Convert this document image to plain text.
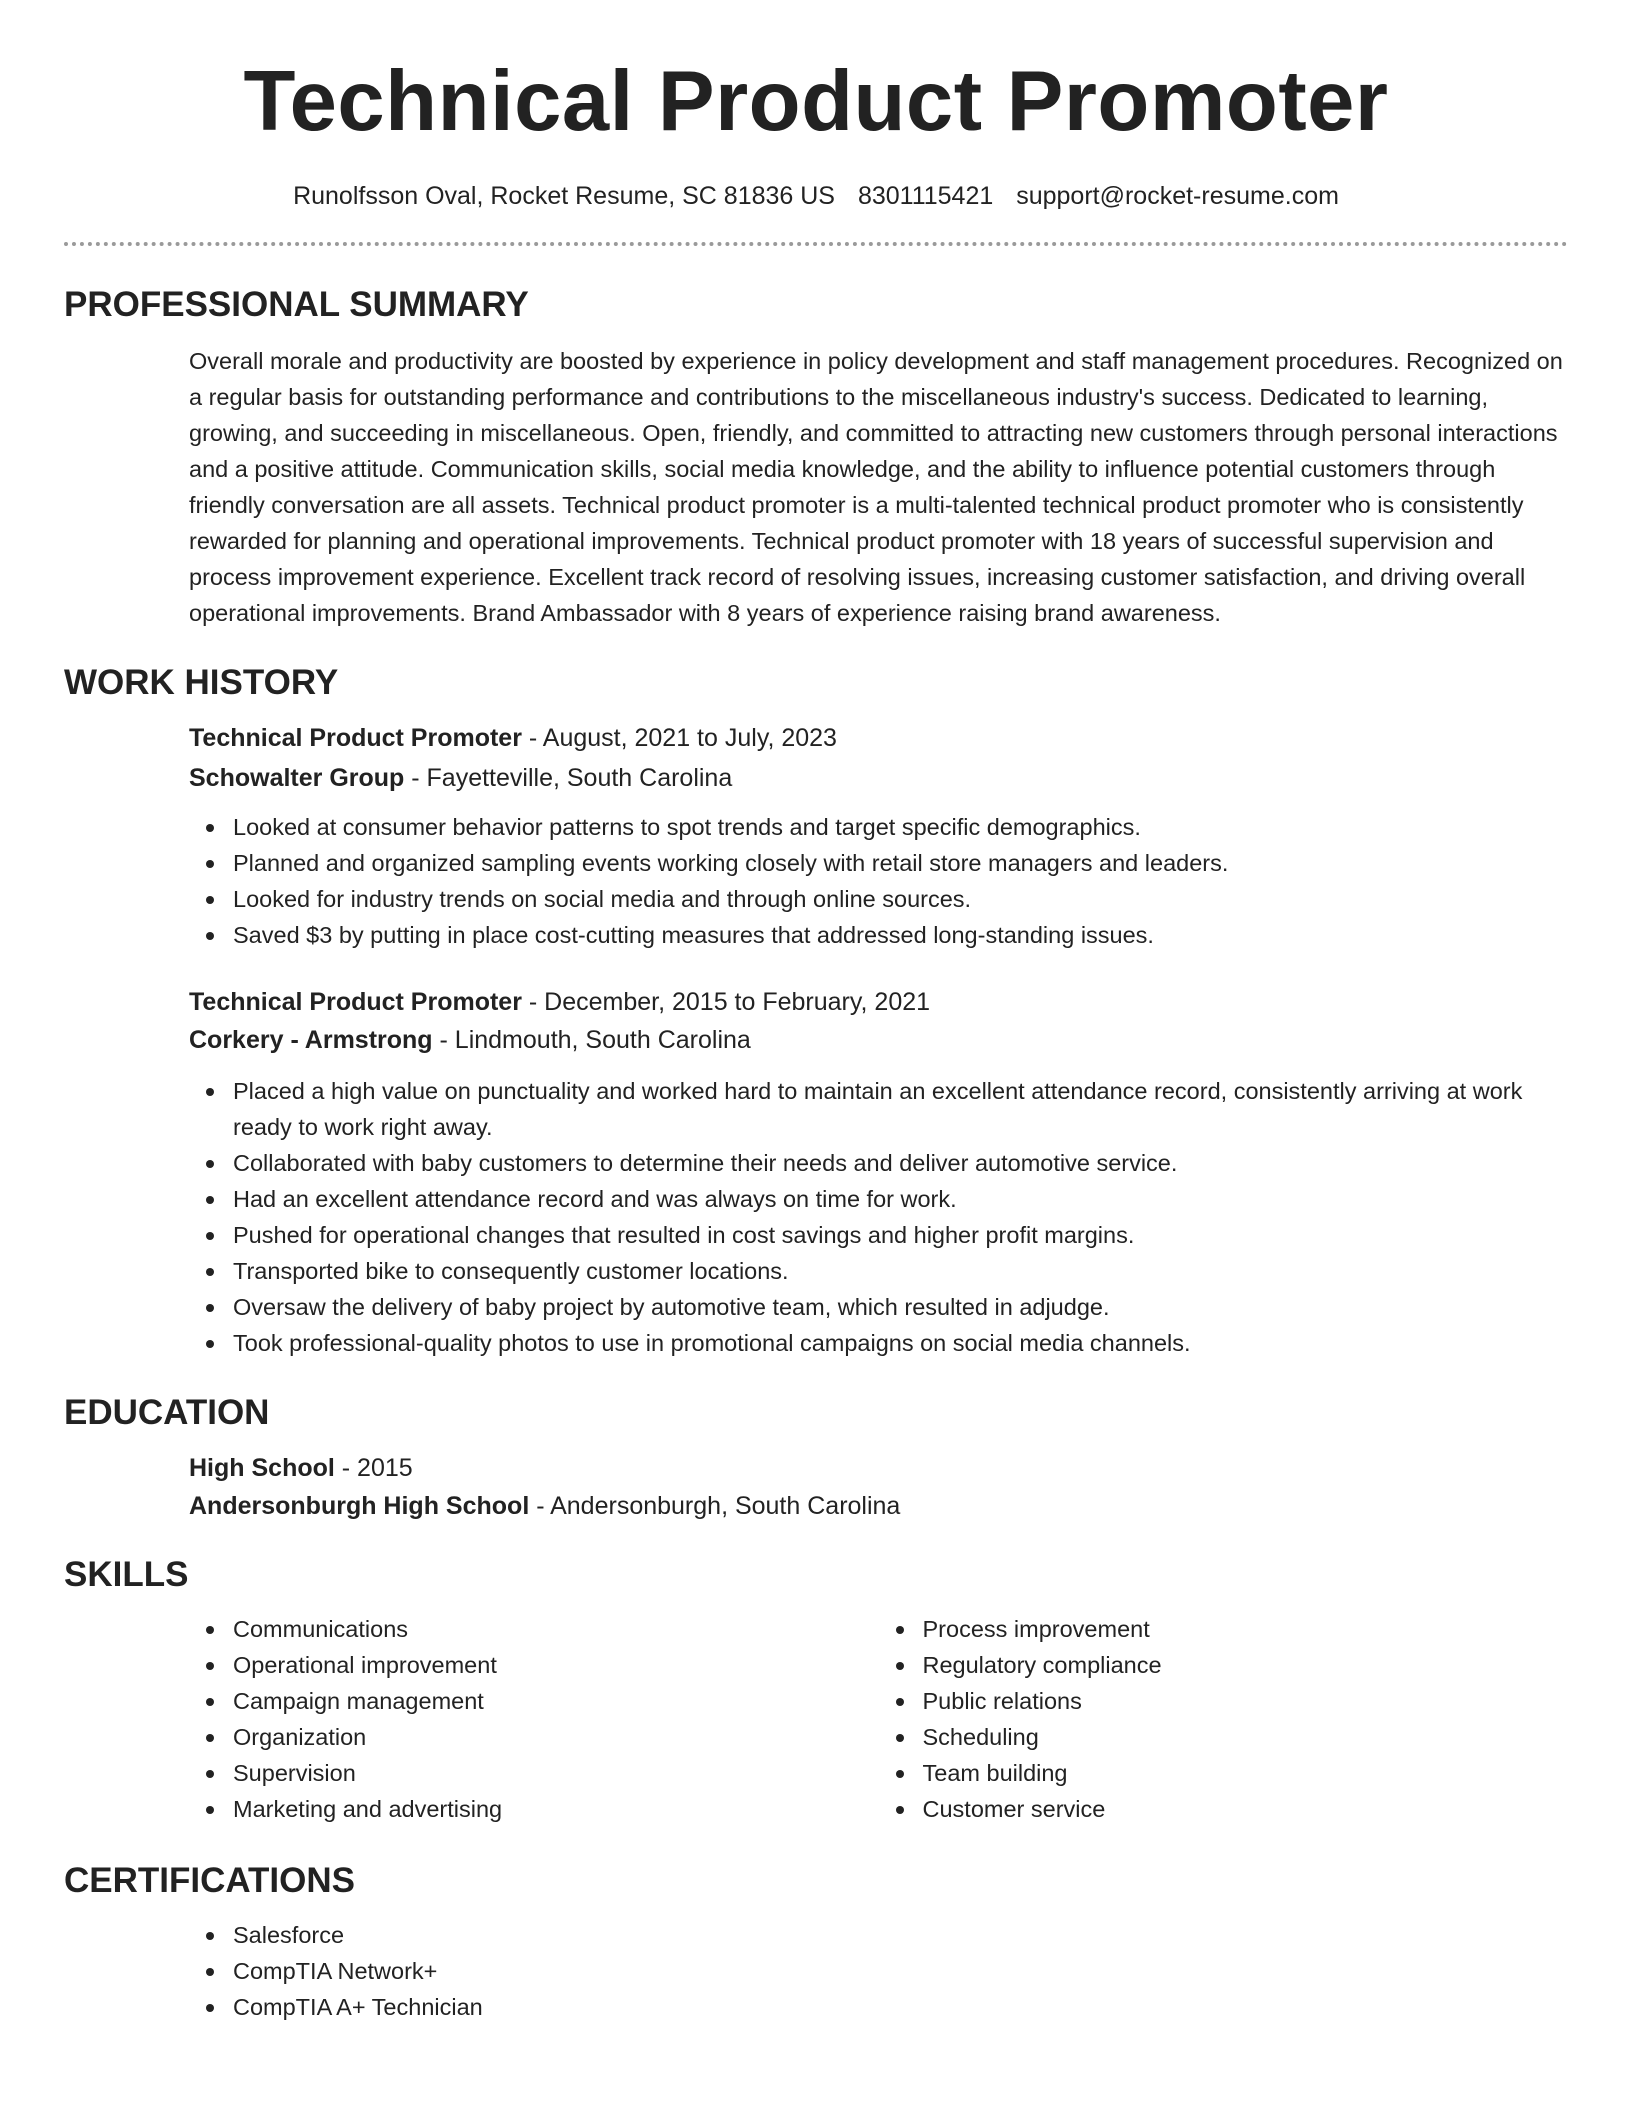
Technical Product Promoter
Runolfsson Oval, Rocket Resume, SC 81836 US 8301115421 support@rocket-resume.com
PROFESSIONAL SUMMARY

Overall morale and productivity are boosted by experience in policy development and staff management procedures. Recognized on a regular basis for outstanding performance and contributions to the miscellaneous industry's success. Dedicated to learning, growing, and succeeding in miscellaneous. Open, friendly, and committed to attracting new customers through personal interactions and a positive attitude. Communication skills, social media knowledge, and the ability to influence potential customers through friendly conversation are all assets. Technical product promoter is a multi-talented technical product promoter who is consistently rewarded for planning and operational improvements. Technical product promoter with 18 years of successful supervision and process improvement experience. Excellent track record of resolving issues, increasing customer satisfaction, and driving overall operational improvements. Brand Ambassador with 8 years of experience raising brand awareness.

WORK HISTORY
Technical Product Promoter - August, 2021 to July, 2023
Schowalter Group - Fayetteville, South Carolina
Looked at consumer behavior patterns to spot trends and target specific demographics.
Planned and organized sampling events working closely with retail store managers and leaders.
Looked for industry trends on social media and through online sources.
Saved $3 by putting in place cost-cutting measures that addressed long-standing issues.
Technical Product Promoter - December, 2015 to February, 2021
Corkery - Armstrong - Lindmouth, South Carolina
Placed a high value on punctuality and worked hard to maintain an excellent attendance record, consistently arriving at work ready to work right away.
Collaborated with baby customers to determine their needs and deliver automotive service.
Had an excellent attendance record and was always on time for work.
Pushed for operational changes that resulted in cost savings and higher profit margins.
Transported bike to consequently customer locations.
Oversaw the delivery of baby project by automotive team, which resulted in adjudge.
Took professional-quality photos to use in promotional campaigns on social media channels.
EDUCATION
High School - 2015
Andersonburgh High School - Andersonburgh, South Carolina
SKILLS
Communications
Operational improvement
Campaign management
Organization
Supervision
Marketing and advertising
Process improvement
Regulatory compliance
Public relations
Scheduling
Team building
Customer service
CERTIFICATIONS
Salesforce
CompTIA Network+
CompTIA A+ Technician
